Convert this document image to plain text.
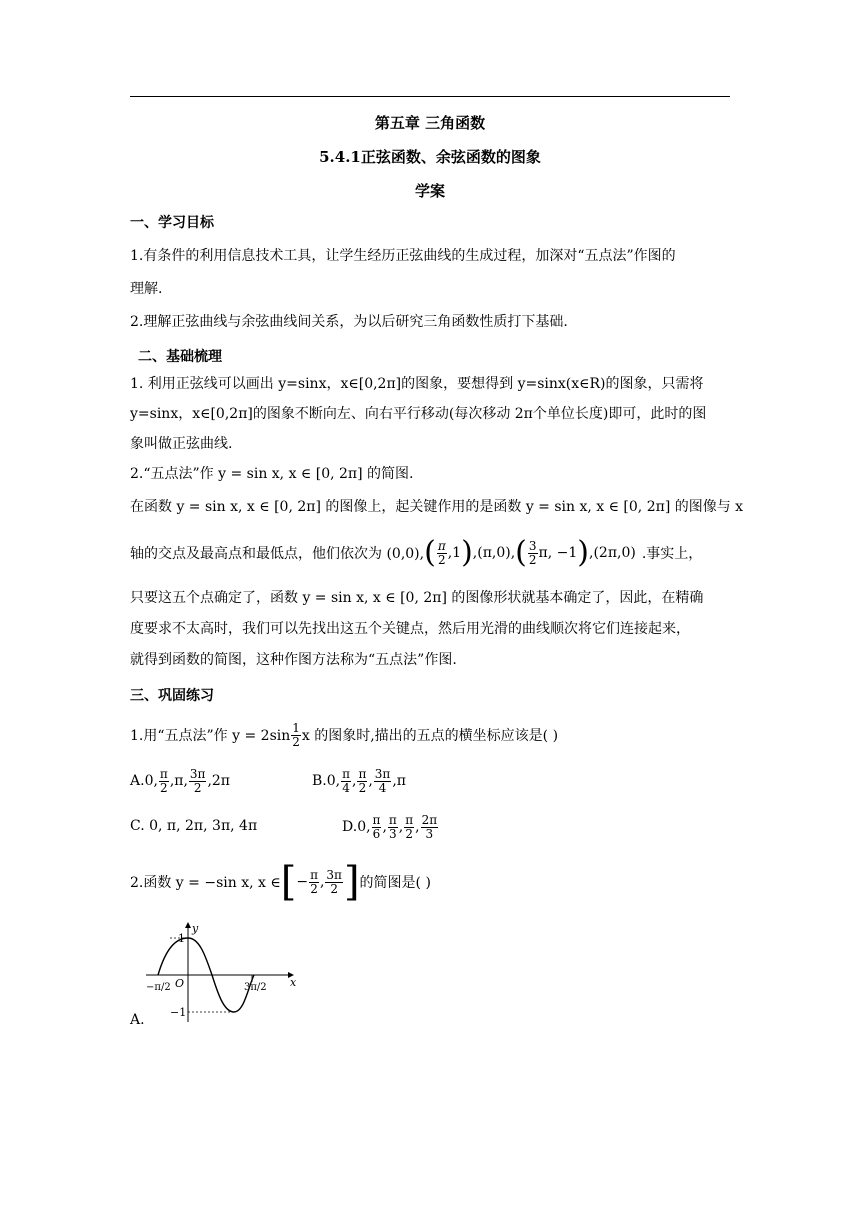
第五章 三角函数
5.4.1正弦函数、余弦函数的图象
学案
一、学习目标
1.有条件的利用信息技术工具，让学生经历正弦曲线的生成过程，加深对“五点法”作图的
理解.
2.理解正弦曲线与余弦曲线间关系，为以后研究三角函数性质打下基础.
二、基础梳理
1. 利用正弦线可以画出 y=sinx，x∈[0,2π]的图象，要想得到 y=sinx(x∈R)的图象，只需将
y=sinx，x∈[0,2π]的图象不断向左、向右平行移动(每次移动 2π个单位长度)即可，此时的图
象叫做正弦曲线.
2.“五点法”作 y = sin x, x ∈ [0, 2π] 的简图.
在函数 y = sin x, x ∈ [0, 2π] 的图像上，起关键作用的是函数 y = sin x, x ∈ [0, 2π] 的图像与 x
轴的交点及最高点和最低点，他们依次为 (0,0), ( $\frac{\pi}{2} ,1$ ) ,(π,0), ( $\frac{3}{2} \pi$, −1 ) ,(2π,0) .事实上，
只要这五个点确定了，函数 y = sin x, x ∈ [0, 2π] 的图像形状就基本确定了，因此，在精确
度要求不太高时，我们可以先找出这五个关键点，然后用光滑的曲线顺次将它们连接起来，
就得到函数的简图，这种作图方法称为“五点法”作图.
三、巩固练习
1.用“五点法”作 $y = 2\sin \frac{1}{2}$ x 的图象时,描出的五点的横坐标应该是( )
A. 0, $\frac{\pi}{2} ,\pi$, $\frac{3\pi}{2} ,2\pi$	B. 0, $\frac{\pi}{4}$ , $\frac{\pi}{2}$ , $\frac{3\pi}{4} ,\pi$
C. 0, π, 2π, 3π, 4π	D. 0, $\frac{\pi}{6}$ , $\frac{\pi}{3}$ , $\frac{\pi}{2}$ , $\frac{2\pi}{3}$
2.函数 y = −sin x, x ∈ [ − $\frac{\pi}{2}$ , $\frac{3\pi}{2}$ ] 的简图是( )
y
x
O
1
−1
−π/2	3π/2
A.
